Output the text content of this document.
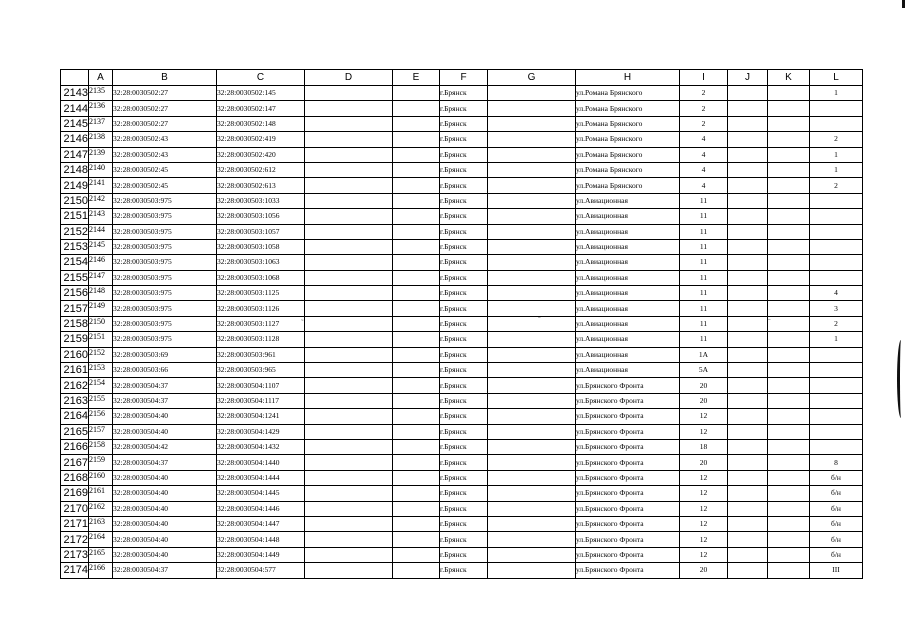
	A	B	C	D	E	F	G	H	I	J	K	L
2143	2135	32:28:0030502:27	32:28:0030502:145			г.Брянск		ул.Романа Брянского	2			1
2144	2136	32:28:0030502:27	32:28:0030502:147			г.Брянск		ул.Романа Брянского	2			
2145	2137	32:28:0030502:27	32:28:0030502:148			г.Брянск		ул.Романа Брянского	2			
2146	2138	32:28:0030502:43	32:28:0030502:419			г.Брянск		ул.Романа Брянского	4			2
2147	2139	32:28:0030502:43	32:28:0030502:420			г.Брянск		ул.Романа Брянского	4			1
2148	2140	32:28:0030502:45	32:28:0030502:612			г.Брянск		ул.Романа Брянского	4			1
2149	2141	32:28:0030502:45	32:28:0030502:613			г.Брянск		ул.Романа Брянского	4			2
2150	2142	32:28:0030503:975	32:28:0030503:1033			г.Брянск		ул.Авиационная	11			
2151	2143	32:28:0030503:975	32:28:0030503:1056			г.Брянск		ул.Авиационная	11			
2152	2144	32:28:0030503:975	32:28:0030503:1057			г.Брянск		ул.Авиационная	11			
2153	2145	32:28:0030503:975	32:28:0030503:1058			г.Брянск		ул.Авиационная	11			
2154	2146	32:28:0030503:975	32:28:0030503:1063			г.Брянск		ул.Авиационная	11			
2155	2147	32:28:0030503:975	32:28:0030503:1068			г.Брянск		ул.Авиационная	11			
2156	2148	32:28:0030503:975	32:28:0030503:1125			г.Брянск		ул.Авиационная	11			4
2157	2149	32:28:0030503:975	32:28:0030503:1126			г.Брянск		ул.Авиационная	11			3
2158	2150	32:28:0030503:975	32:28:0030503:1127			г.Брянск		ул.Авиационная	11			2
2159	2151	32:28:0030503:975	32:28:0030503:1128			г.Брянск		ул.Авиационная	11			1
2160	2152	32:28:0030503:69	32:28:0030503:961			г.Брянск		ул.Авиационная	1А			
2161	2153	32:28:0030503:66	32:28:0030503:965			г.Брянск		ул.Авиационная	5А			
2162	2154	32:28:0030504:37	32:28:0030504:1107			г.Брянск		ул.Брянского Фронта	20			
2163	2155	32:28:0030504:37	32:28:0030504:1117			г.Брянск		ул.Брянского Фронта	20			
2164	2156	32:28:0030504:40	32:28:0030504:1241			г.Брянск		ул.Брянского Фронта	12			
2165	2157	32:28:0030504:40	32:28:0030504:1429			г.Брянск		ул.Брянского Фронта	12			
2166	2158	32:28:0030504:42	32:28:0030504:1432			г.Брянск		ул.Брянского Фронта	18			
2167	2159	32:28:0030504:37	32:28:0030504:1440			г.Брянск		ул.Брянского Фронта	20			8
2168	2160	32:28:0030504:40	32:28:0030504:1444			г.Брянск		ул.Брянского Фронта	12			б/н
2169	2161	32:28:0030504:40	32:28:0030504:1445			г.Брянск		ул.Брянского Фронта	12			б/н
2170	2162	32:28:0030504:40	32:28:0030504:1446			г.Брянск		ул.Брянского Фронта	12			б/н
2171	2163	32:28:0030504:40	32:28:0030504:1447			г.Брянск		ул.Брянского Фронта	12			б/н
2172	2164	32:28:0030504:40	32:28:0030504:1448			г.Брянск		ул.Брянского Фронта	12			б/н
2173	2165	32:28:0030504:40	32:28:0030504:1449			г.Брянск		ул.Брянского Фронта	12			б/н
2174	2166	32:28:0030504:37	32:28:0030504:577			г.Брянск		ул.Брянского Фронта	20			III
˜	ˉ	ˉ
